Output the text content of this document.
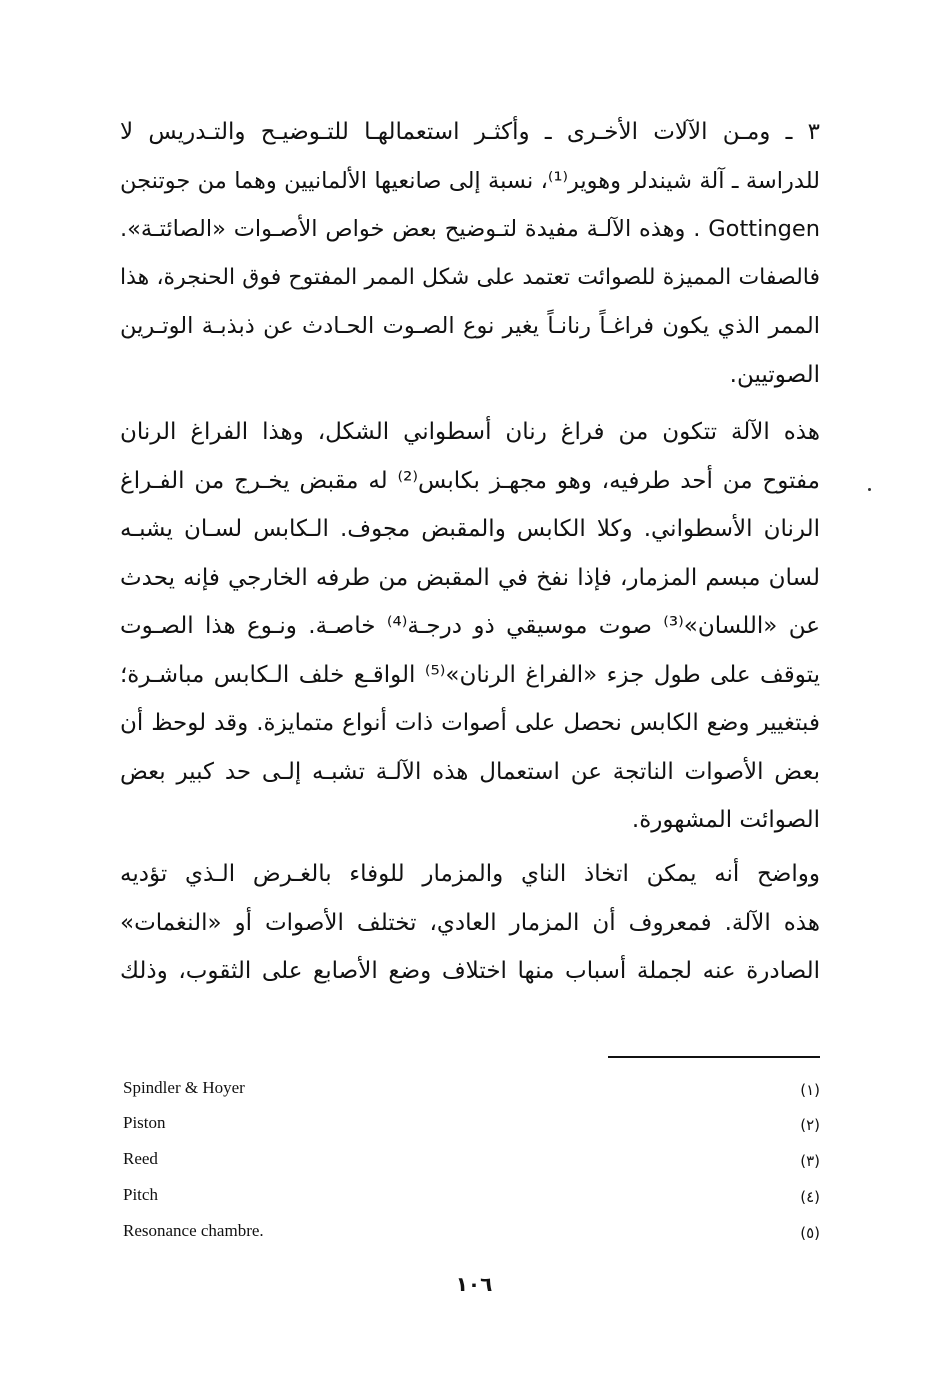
٣ ـ ومـن الآلات الأخـرى ـ وأكثـر استعمالهـا للتـوضيـح والتـدريس لا
للدراسة ـ آلة شيندلر وهوير⁽¹⁾، نسبة إلى صانعيها الألمانيين وهما من جوتنجن
Gottingen . وهذه الآلـة مفيدة لتـوضيح بعض خواص الأصـوات «الصائتـة».
فالصفات المميزة للصوائت تعتمد على شكل الممر المفتوح فوق الحنجرة، هذا
الممر الذي يكون فراغـاً رنانـاً يغير نوع الصـوت الحـادث عن ذبذبـة الوتـرين
الصوتيين.
هذه الآلة تتكون من فراغ رنان أسطواني الشكل، وهذا الفراغ الرنان
مفتوح من أحد طرفيه، وهو مجهـز بكابس⁽²⁾ له مقبض يخـرج من الفـراغ
الرنان الأسطواني. وكلا الكابس والمقبض مجوف. الـكابس لسـان يشبـه
لسان مبسم المزمار، فإذا نفخ في المقبض من طرفه الخارجي فإنه يحدث
عن «اللسان»⁽³⁾ صوت موسيقي ذو درجـة⁽⁴⁾ خاصـة. ونـوع هذا الصـوت
يتوقف على طول جزء «الفراغ الرنان»⁽⁵⁾ الواقـع خلف الـكابس مباشـرة؛
فبتغيير وضع الكابس نحصل على أصوات ذات أنواع متمايزة. وقد لوحظ أن
بعض الأصوات الناتجة عن استعمال هذه الآلـة تشبـه إلـى حد كبير بعض
الصوائت المشهورة.
وواضح أنه يمكن اتخاذ الناي والمزمار للوفاء بالغـرض الـذي تؤديه
هذه الآلة. فمعروف أن المزمار العادي، تختلف الأصوات أو «النغمات»
الصادرة عنه لجملة أسباب منها اختلاف وضع الأصابع على الثقوب، وذلك
Spindler & Hoyer	(١)
Piston	(٢)
Reed	(٣)
Pitch	(٤)
Resonance chambre.	(٥)
١٠٦
